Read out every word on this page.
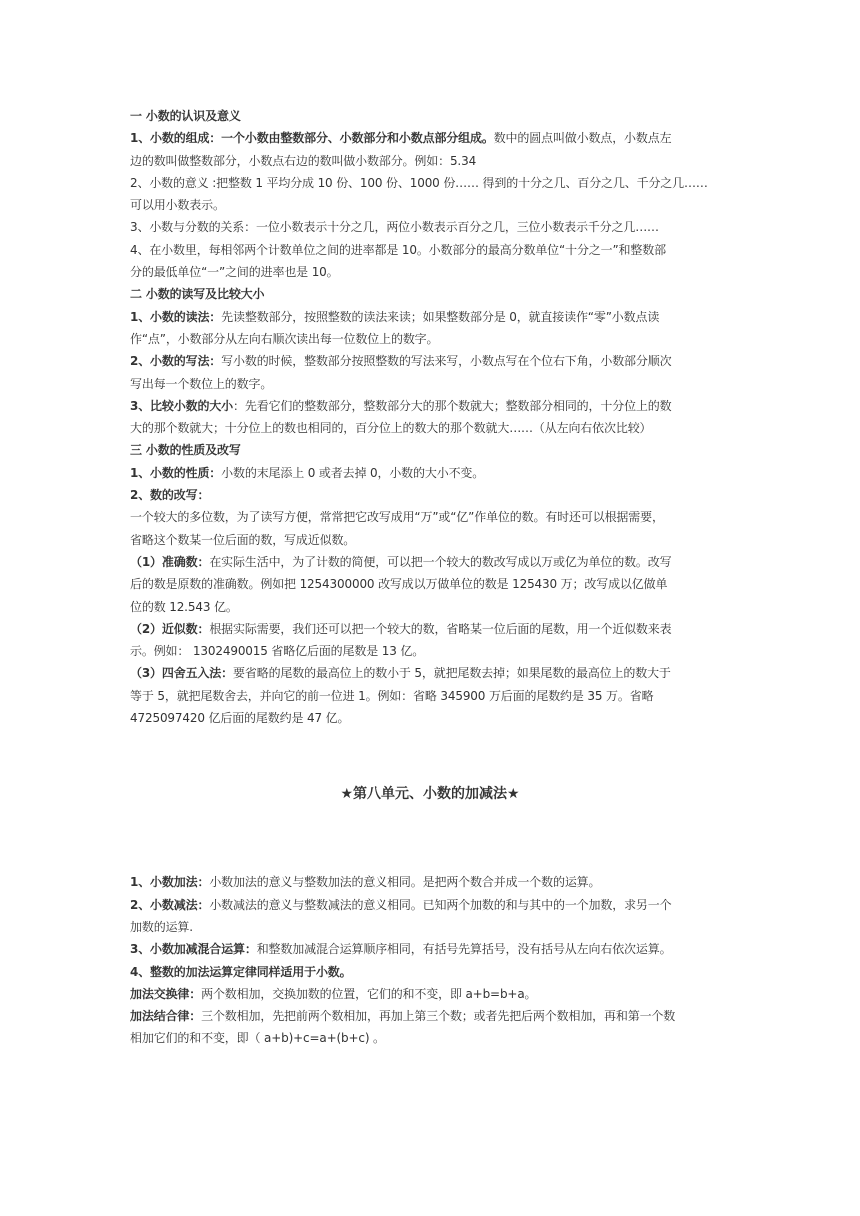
一 小数的认识及意义
1、小数的组成：一个小数由整数部分、小数部分和小数点部分组成。数中的圆点叫做小数点，小数点左
边的数叫做整数部分，小数点右边的数叫做小数部分。例如：5.34
2、小数的意义 :把整数 1 平均分成 10 份、100 份、1000 份…… 得到的十分之几、百分之几、千分之几……
可以用小数表示。
3、小数与分数的关系：一位小数表示十分之几，两位小数表示百分之几，三位小数表示千分之几……
4、在小数里，每相邻两个计数单位之间的进率都是 10。小数部分的最高分数单位“十分之一”和整数部
分的最低单位“一”之间的进率也是 10。
二 小数的读写及比较大小
1、小数的读法：先读整数部分，按照整数的读法来读；如果整数部分是 0，就直接读作“零”小数点读
作“点”，小数部分从左向右顺次读出每一位数位上的数字。
2、小数的写法：写小数的时候，整数部分按照整数的写法来写，小数点写在个位右下角，小数部分顺次
写出每一个数位上的数字。
3、比较小数的大小：先看它们的整数部分，整数部分大的那个数就大；整数部分相同的，十分位上的数
大的那个数就大；十分位上的数也相同的，百分位上的数大的那个数就大……（从左向右依次比较）
三 小数的性质及改写
1、小数的性质：小数的末尾添上 0 或者去掉 0，小数的大小不变。
2、数的改写：
一个较大的多位数，为了读写方便，常常把它改写成用“万”或“亿”作单位的数。有时还可以根据需要，
省略这个数某一位后面的数，写成近似数。
（1）准确数：在实际生活中，为了计数的简便，可以把一个较大的数改写成以万或亿为单位的数。改写
后的数是原数的准确数。例如把 1254300000 改写成以万做单位的数是 125430 万；改写成以亿做单
位的数 12.543 亿。
（2）近似数：根据实际需要，我们还可以把一个较大的数，省略某一位后面的尾数，用一个近似数来表
示。例如： 1302490015 省略亿后面的尾数是 13 亿。
（3）四舍五入法：要省略的尾数的最高位上的数小于 5，就把尾数去掉；如果尾数的最高位上的数大于
等于 5，就把尾数舍去，并向它的前一位进 1。例如：省略 345900 万后面的尾数约是 35 万。省略
4725097420 亿后面的尾数约是 47 亿。
★第八单元、小数的加减法★
1、小数加法：小数加法的意义与整数加法的意义相同。是把两个数合并成一个数的运算。
2、小数减法：小数减法的意义与整数减法的意义相同。已知两个加数的和与其中的一个加数，求另一个
加数的运算.
3、小数加减混合运算：和整数加减混合运算顺序相同，有括号先算括号，没有括号从左向右依次运算。
4、整数的加法运算定律同样适用于小数。
加法交换律：两个数相加，交换加数的位置，它们的和不变，即 a+b=b+a。
加法结合律：三个数相加，先把前两个数相加，再加上第三个数；或者先把后两个数相加，再和第一个数
相加它们的和不变，即（ a+b)+c=a+(b+c) 。
